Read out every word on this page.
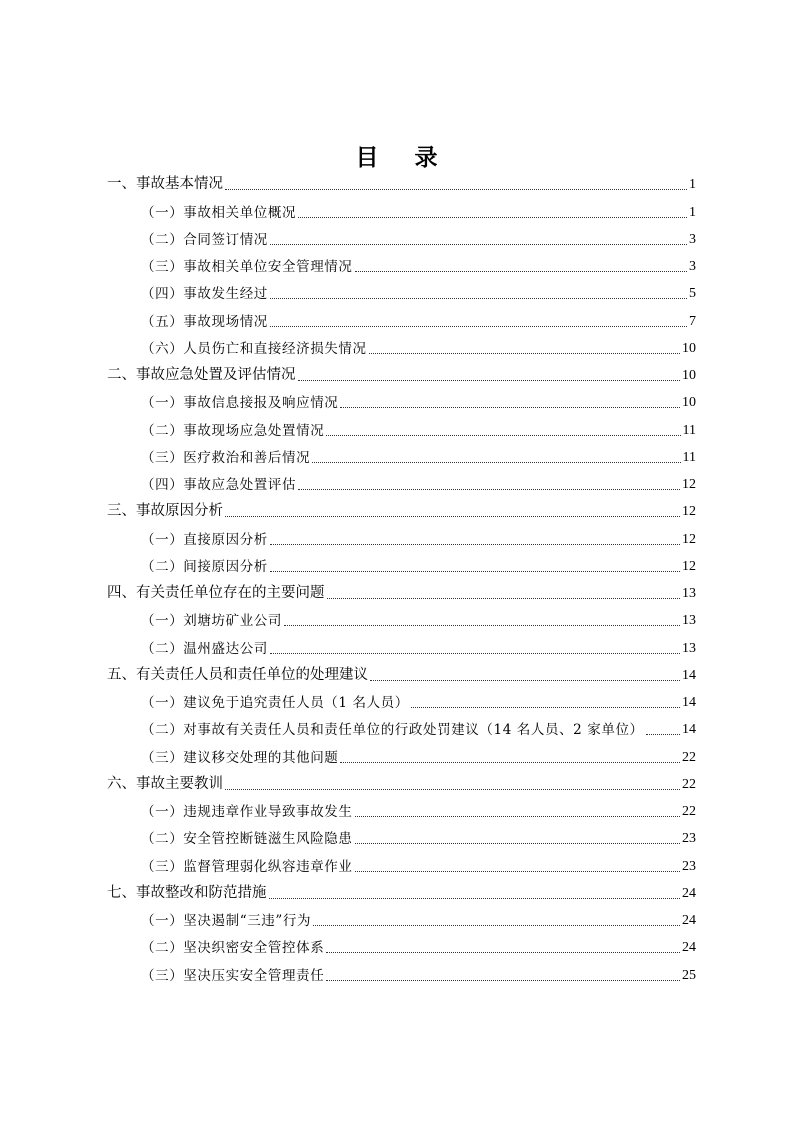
目 录
一、事故基本情况	1
（一）事故相关单位概况	1
（二）合同签订情况	3
（三）事故相关单位安全管理情况	3
（四）事故发生经过	5
（五）事故现场情况	7
（六）人员伤亡和直接经济损失情况	10
二、事故应急处置及评估情况	10
（一）事故信息接报及响应情况	10
（二）事故现场应急处置情况	11
（三）医疗救治和善后情况	11
（四）事故应急处置评估	12
三、事故原因分析	12
（一）直接原因分析	12
（二）间接原因分析	12
四、有关责任单位存在的主要问题	13
（一）刘塘坊矿业公司	13
（二）温州盛达公司	13
五、有关责任人员和责任单位的处理建议	14
（一）建议免于追究责任人员（1 名人员）	14
（二）对事故有关责任人员和责任单位的行政处罚建议（14 名人员、2 家单位）	14
（三）建议移交处理的其他问题	22
六、事故主要教训	22
（一）违规违章作业导致事故发生	22
（二）安全管控断链滋生风险隐患	23
（三）监督管理弱化纵容违章作业	23
七、事故整改和防范措施	24
（一）坚决遏制“三违”行为	24
（二）坚决织密安全管控体系	24
（三）坚决压实安全管理责任	25
